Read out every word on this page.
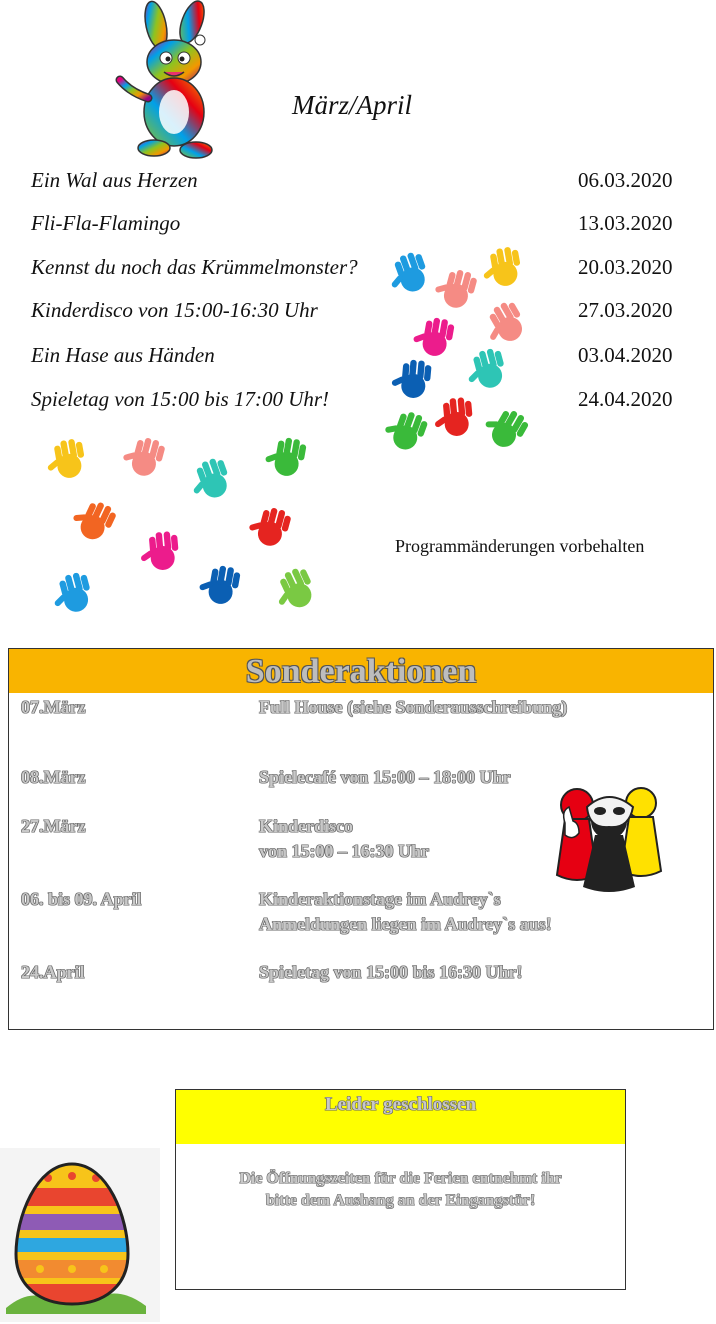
März/April
Ein Wal aus Herzen	06.03.2020
Fli-Fla-Flamingo	13.03.2020
Kennst du noch das Krümmelmonster?	20.03.2020
Kinderdisco von 15:00-16:30 Uhr	27.03.2020
Ein Hase aus Händen	03.04.2020
Spieletag von 15:00 bis 17:00 Uhr!	24.04.2020
Programmänderungen vorbehalten
Sonderaktionen
07.März	Full House (siehe Sonderausschreibung)
08.März	Spielecafé von 15:00 – 18:00 Uhr
27.März	Kinderdisco
von 15:00 – 16:30 Uhr
06. bis 09. April	Kinderaktionstage im Audrey`s
Anmeldungen liegen im Audrey`s aus!
24.April	Spieletag von 15:00 bis 16:30 Uhr!
Leider geschlossen
Die Öffnungszeiten für die Ferien entnehmt ihr
bitte dem Aushang an der Eingangstür!
